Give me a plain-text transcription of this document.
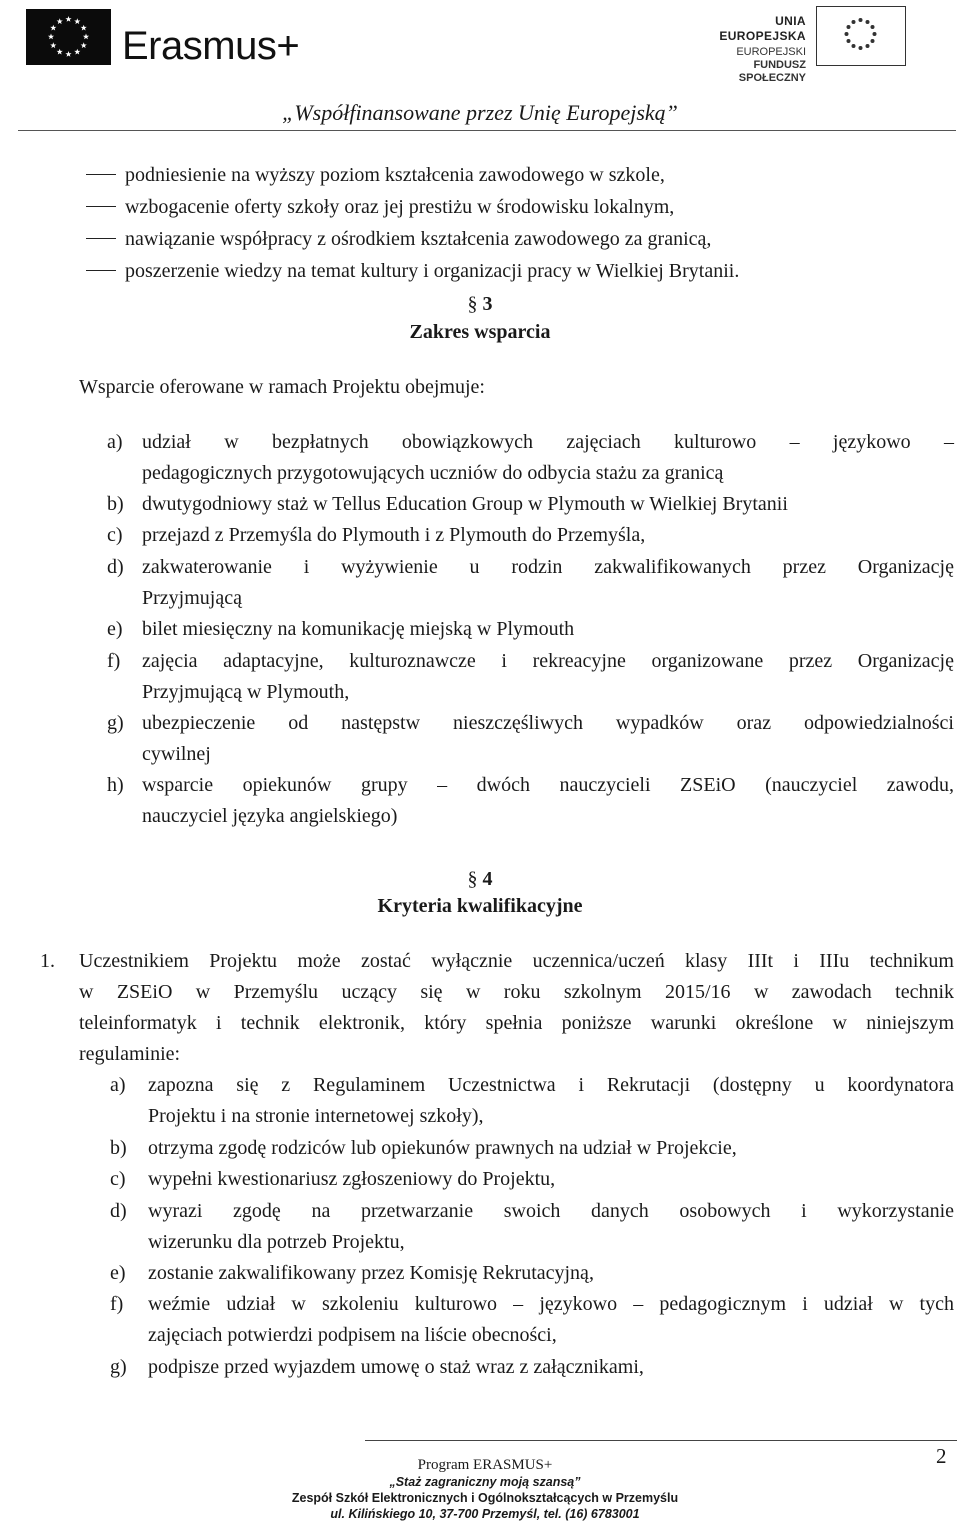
Erasmus+
UNIA EUROPEJSKA
EUROPEJSKI
FUNDUSZ SPOŁECZNY
„Współfinansowane przez Unię Europejską”
podniesienie na wyższy poziom kształcenia zawodowego w szkole,
wzbogacenie oferty szkoły oraz jej prestiżu w środowisku lokalnym,
nawiązanie współpracy z ośrodkiem kształcenia zawodowego za granicą,
poszerzenie wiedzy na temat kultury i organizacji pracy w Wielkiej Brytanii.
§ 3
Zakres wsparcia
Wsparcie oferowane w ramach Projektu obejmuje:
a) udział w bezpłatnych obowiązkowych zajęciach kulturowo – językowo –
pedagogicznych przygotowujących uczniów do odbycia stażu za granicą
b) dwutygodniowy staż w Tellus Education Group w Plymouth w Wielkiej Brytanii
c) przejazd z Przemyśla do Plymouth i z Plymouth do Przemyśla,
d) zakwaterowanie i wyżywienie u rodzin zakwalifikowanych przez Organizację
Przyjmującą
e) bilet miesięczny na komunikację miejską w Plymouth
f) zajęcia adaptacyjne, kulturoznawcze i rekreacyjne organizowane przez Organizację
Przyjmującą w Plymouth,
g) ubezpieczenie od następstw nieszczęśliwych wypadków oraz odpowiedzialności
cywilnej
h) wsparcie opiekunów grupy – dwóch nauczycieli ZSEiO (nauczyciel zawodu,
nauczyciel języka angielskiego)
§ 4
Kryteria kwalifikacyjne
1. Uczestnikiem Projektu może zostać wyłącznie uczennica/uczeń klasy IIIt i IIIu technikum
w ZSEiO w Przemyślu uczący się w roku szkolnym 2015/16 w zawodach technik
teleinformatyk i technik elektronik, który spełnia poniższe warunki określone w niniejszym
regulaminie:
a) zapozna się z Regulaminem Uczestnictwa i Rekrutacji (dostępny u koordynatora
Projektu i na stronie internetowej szkoły),
b) otrzyma zgodę rodziców lub opiekunów prawnych na udział w Projekcie,
c) wypełni kwestionariusz zgłoszeniowy do Projektu,
d) wyrazi zgodę na przetwarzanie swoich danych osobowych i wykorzystanie
wizerunku dla potrzeb Projektu,
e) zostanie zakwalifikowany przez Komisję Rekrutacyjną,
f) weźmie udział w szkoleniu kulturowo – językowo – pedagogicznym i udział w tych
zajęciach potwierdzi podpisem na liście obecności,
g) podpisze przed wyjazdem umowę o staż wraz z załącznikami,
2
Program ERASMUS+
„Staż zagraniczny moją szansą”
Zespół Szkół Elektronicznych i Ogólnokształcących w Przemyślu
ul. Kilińskiego 10, 37-700 Przemyśl, tel. (16) 6783001
